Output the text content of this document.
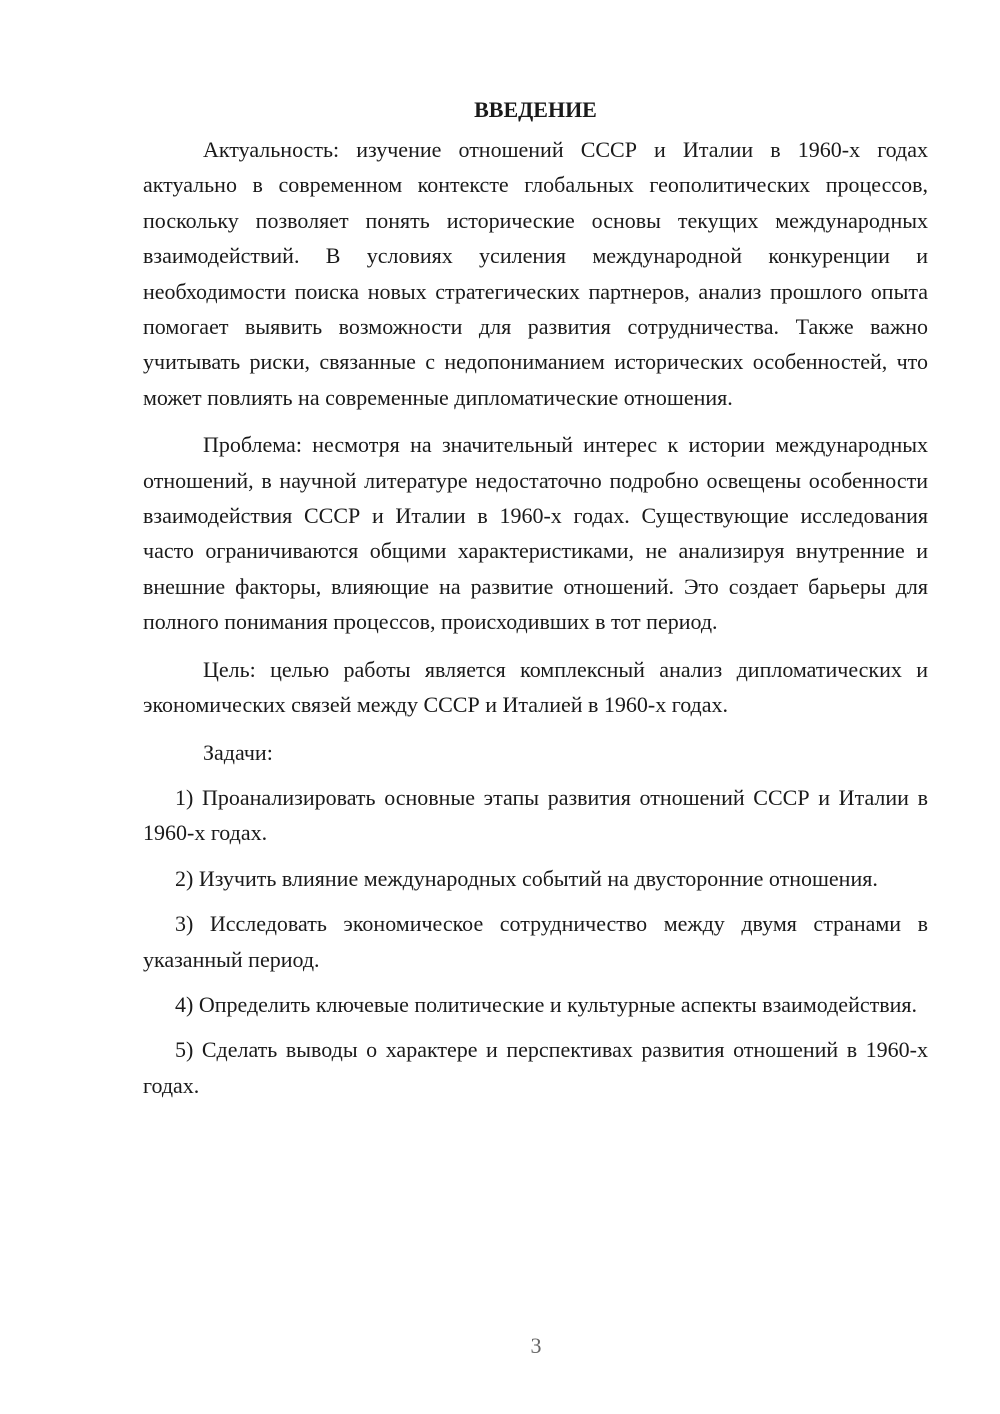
ВВЕДЕНИЕ

Актуальность: изучение отношений СССР и Италии в 1960-х годах актуально в современном контексте глобальных геополитических процессов, поскольку позволяет понять исторические основы текущих международных взаимодействий. В условиях усиления международной конкуренции и необходимости поиска новых стратегических партнеров, анализ прошлого опыта помогает выявить возможности для развития сотрудничества. Также важно учитывать риски, связанные с недопониманием исторических особенностей, что может повлиять на современные дипломатические отношения.

Проблема: несмотря на значительный интерес к истории международных отношений, в научной литературе недостаточно подробно освещены особенности взаимодействия СССР и Италии в 1960-х годах. Существующие исследования часто ограничиваются общими характеристиками, не анализируя внутренние и внешние факторы, влияющие на развитие отношений. Это создает барьеры для полного понимания процессов, происходивших в тот период.

Цель: целью работы является комплексный анализ дипломатических и экономических связей между СССР и Италией в 1960-х годах.

Задачи:

1) Проанализировать основные этапы развития отношений СССР и Италии в 1960-х годах.

2) Изучить влияние международных событий на двусторонние отношения.

3) Исследовать экономическое сотрудничество между двумя странами в указанный период.

4) Определить ключевые политические и культурные аспекты взаимодействия.

5) Сделать выводы о характере и перспективах развития отношений в 1960-х годах.

3
